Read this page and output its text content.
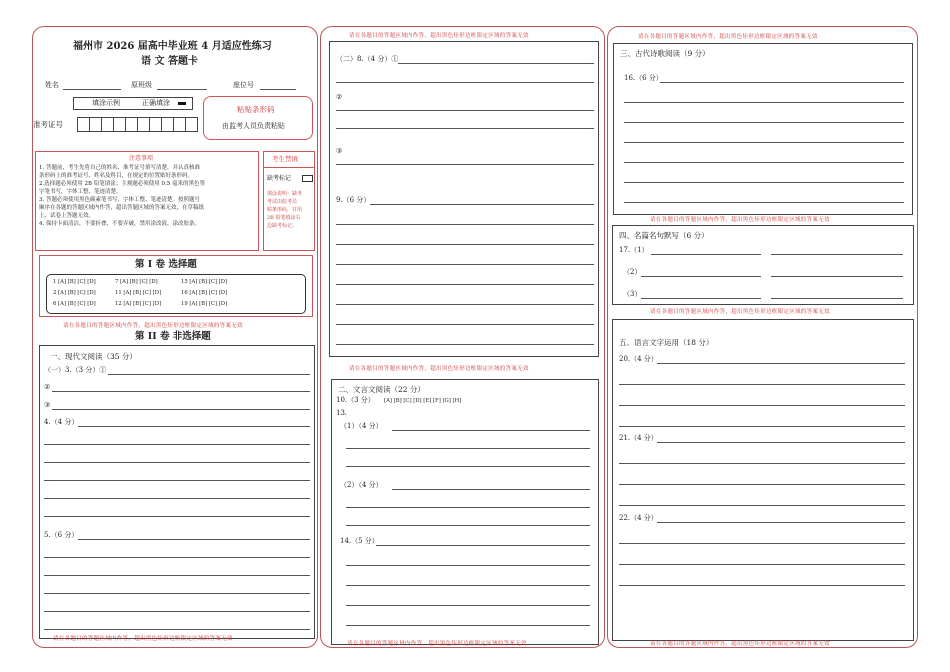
福州市 2026 届高中毕业班 4 月适应性练习
语 文 答题卡
姓名	原班级	座位号
填涂示例	正确填涂
准考证号
粘贴条形码
由监考人员负责粘贴
注意事项
1. 答题前，考生先将自己的姓名、准考证号填写清楚，并认真核准
条形码上的准考证号、姓名及科目，在规定的位置贴好条形码。
2.选择题必须使用 2B 铅笔填涂；主观题必须使用 0.5 毫米的黑色签
字笔书写，字体工整、笔迹清楚。
3. 答题必须使用黑色碳素笔书写，字体工整、笔迹清楚。按照题号
顺序在各题的答题区域内作答，超出答题区域的答案无效，在草稿纸
上、试卷上答题无效。
4. 保持卡面清洁，不要折叠、不要弄破，禁用涂改液，涂改胶条。
考生禁填
缺考标记
填涂说明：缺考
考试由监考员
贴条形码，并用
2B 铅笔填涂右
边缺考标记。
第 I 卷 选择题
1 [A] [B] [C] [D]	7 [A] [B] [C] [D]	15 [A] [B] [C] [D]
2 [A] [B] [C] [D]	11 [A] [B] [C] [D]	16 [A] [B] [C] [D]
6 [A] [B] [C] [D]	12 [A] [B] [C] [D]	19 [A] [B] [C] [D]
请在各题目的答题区域内作答，超出黑色矩形边框限定区域的答案无效
第 II 卷 非选择题
一、现代文阅读（35 分）
（一）3.（3 分）①
②
③
4.（4 分）
5.（6 分）
请在各题目的答题区域内作答，超出黑色矩形边框限定区域的答案无效
请在各题目的答题区域内作答，超出黑色矩形边框限定区域的答案无效
（二）8.（4 分）①
②
③
9.（6 分）
请在各题目的答题区域内作答，超出黑色矩形边框限定区域的答案无效
二、文言文阅读（22 分）
10.（3 分） [A] [B] [C] [D] [E] [F] [G] [H]
13.
（1）（4 分）
（2）（4 分）
14.（5 分）
请在各题目的答题区域内作答，超出黑色矩形边框限定区域的答案无效
请在各题目的答题区域内作答，超出黑色矩形边框限定区域的答案无效
三、古代诗歌阅读（9 分）
16.（6 分）
请在各题目的答题区域内作答，超出黑色矩形边框限定区域的答案无效
四、名篇名句默写（6 分）
17.（1）
（2）
（3）
请在各题目的答题区域内作答，超出黑色矩形边框限定区域的答案无效
五、语言文字运用（18 分）
20.（4 分）
21.（4 分）
22.（4 分）
请在各题目的答题区域内作答，超出黑色矩形边框限定区域的答案无效
